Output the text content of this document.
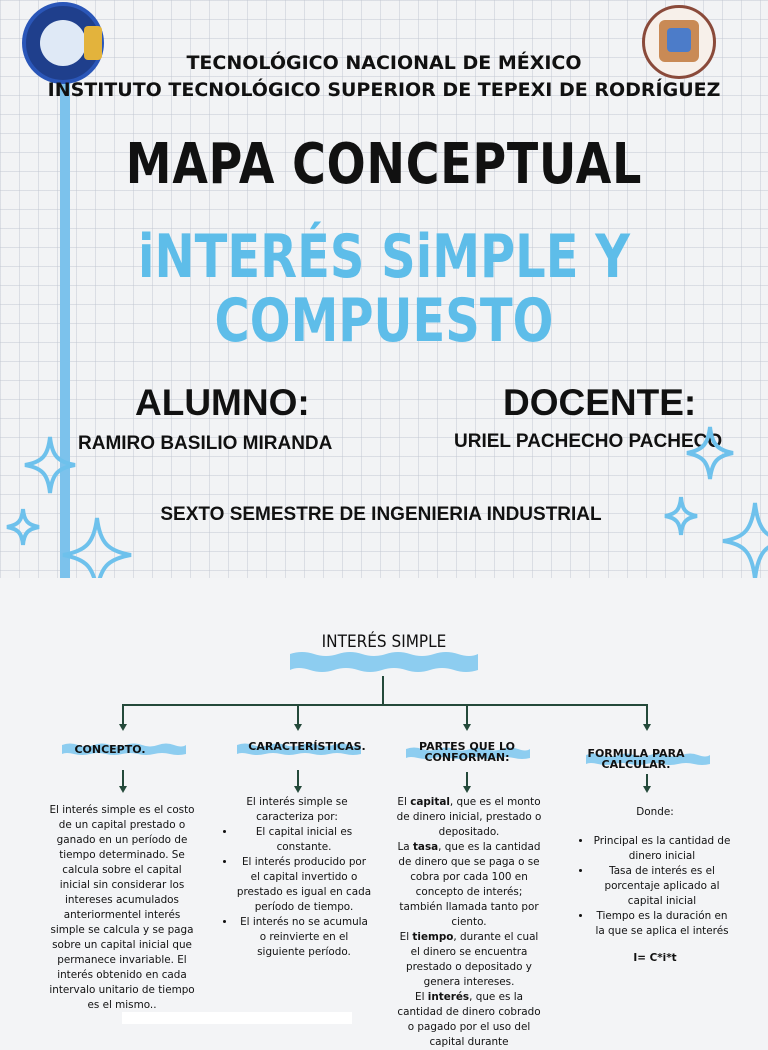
TECNOLÓGICO NACIONAL DE MÉXICO
INSTITUTO TECNOLÓGICO SUPERIOR DE TEPEXI DE RODRÍGUEZ
MAPA CONCEPTUAL
iNTERÉS SiMPLE Y
COMPUESTO
ALUMNO:
RAMIRO BASILIO MIRANDA
DOCENTE:
URIEL PACHECHO PACHECO
SEXTO SEMESTRE DE INGENIERIA INDUSTRIAL
INTERÉS SIMPLE
CONCEPTO.	CARACTERÍSTICAS.	PARTES QUE LO
CONFORMAN:	FORMULA PARA
CALCULAR.
El interés simple es el costo de un capital prestado o ganado en un período de tiempo determinado. Se calcula sobre el capital inicial sin considerar los intereses acumulados anteriormentel interés simple se calcula y se paga sobre un capital inicial que permanece invariable. El interés obtenido en cada intervalo unitario de tiempo es el mismo..
El interés simple se caracteriza por:
• El capital inicial es constante.
• El interés producido por el capital invertido o prestado es igual en cada período de tiempo.
• El interés no se acumula o reinvierte en el siguiente período.
El capital, que es el monto de dinero inicial, prestado o depositado.
La tasa, que es la cantidad de dinero que se paga o se cobra por cada 100 en concepto de interés; también llamada tanto por ciento.
El tiempo, durante el cual el dinero se encuentra prestado o depositado y genera intereses.
El interés, que es la cantidad de dinero cobrado o pagado por el uso del capital durante
Donde:
• Principal es la cantidad de dinero inicial
• Tasa de interés es el porcentaje aplicado al capital inicial
• Tiempo es la duración en la que se aplica el interés
I= C*i*t
